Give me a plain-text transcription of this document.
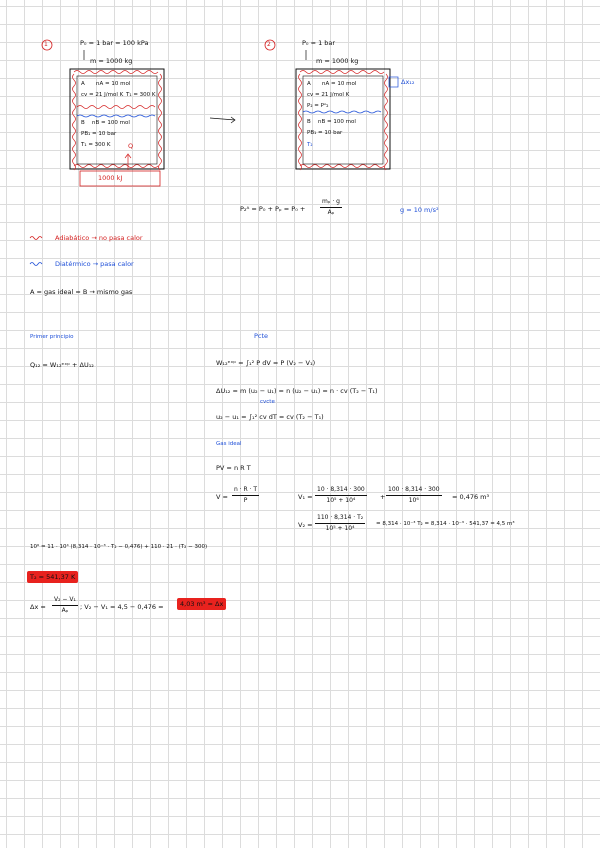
1	P₀ = 1 bar = 100 kPa
m = 1000 kg
A nA = 10 mol
cv = 21 J/mol K T₁ = 300 K
B nB = 100 mol
PB₁ = 10 bar
T₁ = 300 K	Q
1000 kJ
2	P₀ = 1 bar
m = 1000 kg
Δx₁₂
A nA = 10 mol
cv = 21 J/mol K
P₂ = Pᴬ₂
B nB = 100 mol
PB₁ = 10 bar
T₂
P₂ᴬ = $P_0 + P_p = P_0 + \frac{\text{mₚ · g}}{\text{Aₚ}}$	g = 10 m/s²
Adiabático → no pasa calor
Diatérmico → pasa calor
A = gas ideal = B → mismo gas
Primer principio
Q₁₂ = W₁₂ᵉˣᵖ + ΔU₁₂
Pcte
W₁₂ᵉˣᵖ = ∫₁² P dV = P (V₂ − V₁)
ΔU₁₂ = m (u₂ − u₁) = n (u₂ − u₁) = n · cv (T₂ − T₁)
cvcte
u₂ − u₁ = ∫₁² cv dT = cv (T₂ − T₁)
Gas ideal
PV = n R T
$V = \frac{n \cdot R \cdot T}{P}$	$V_1 = \frac{10 \cdot 8,314 \cdot 300}{\text{10⁵ + 10⁴}} + \frac{100 \cdot 8,314 \cdot 300}{\text{10⁶}} = 0,476$ m³
$V_2 = \frac{\text{110 · 8,314 · T₂}}{\text{10⁵ + 10⁴}} = 8,314 \cdot 10^{-3}$ T₂ = 8,314 · 10⁻³ · 541,37 = 4,5 m³
10⁶ = 11 · 10⁴ (8,314 · 10⁻³ · T₂ − 0,476) + 110 · 21 · (T₂ − 300)
T₂ = 541,37 K
$\Delta x = \frac{\text{V₂ − V₁}}{\text{Aₚ}}$ ; V₂ − V₁ = 4,5 − 0,476 =	4,03 m³ = Δx
